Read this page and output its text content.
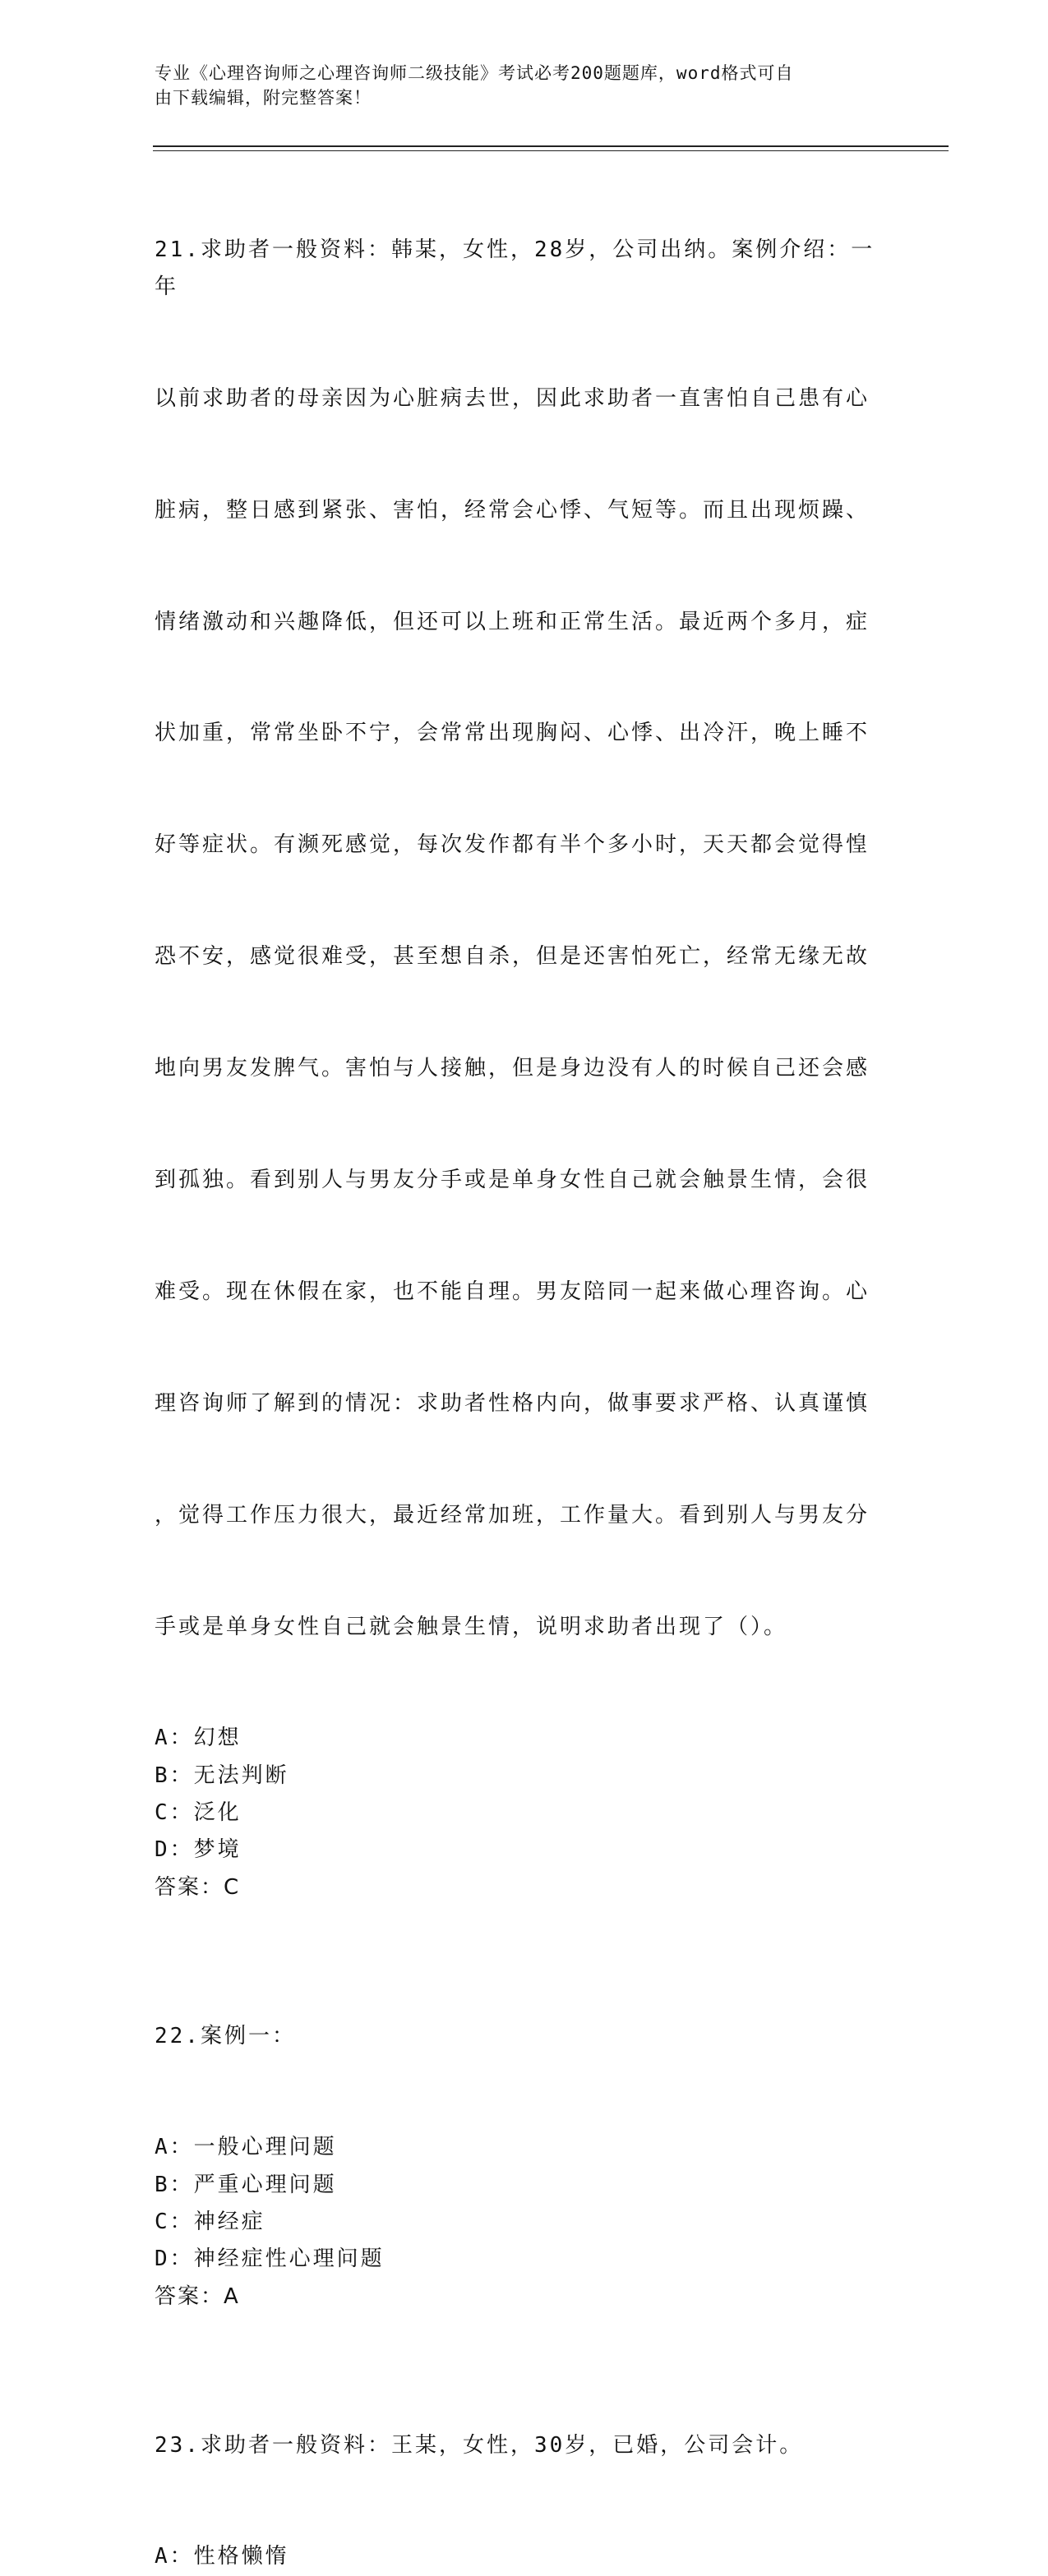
专业《心理咨询师之心理咨询师二级技能》考试必考200题题库，word格式可自
由下载编辑，附完整答案！

21.求助者一般资料：韩某，女性，28岁，公司出纳。案例介绍：一年

以前求助者的母亲因为心脏病去世，因此求助者一直害怕自己患有心

脏病，整日感到紧张、害怕，经常会心悸、气短等。而且出现烦躁、

情绪激动和兴趣降低，但还可以上班和正常生活。最近两个多月，症

状加重，常常坐卧不宁，会常常出现胸闷、心悸、出冷汗，晚上睡不

好等症状。有濒死感觉，每次发作都有半个多小时，天天都会觉得惶

恐不安，感觉很难受，甚至想自杀，但是还害怕死亡，经常无缘无故

地向男友发脾气。害怕与人接触，但是身边没有人的时候自己还会感

到孤独。看到别人与男友分手或是单身女性自己就会触景生情，会很

难受。现在休假在家，也不能自理。男友陪同一起来做心理咨询。心

理咨询师了解到的情况：求助者性格内向，做事要求严格、认真谨慎

，觉得工作压力很大，最近经常加班，工作量大。看到别人与男友分

手或是单身女性自己就会触景生情，说明求助者出现了（）。

A：幻想
B：无法判断
C：泛化
D：梦境
答案：C

22.案例一：

A：一般心理问题
B：严重心理问题
C：神经症
D：神经症性心理问题
答案：A

23.求助者一般资料：王某，女性，30岁，已婚，公司会计。

A：性格懒惰
